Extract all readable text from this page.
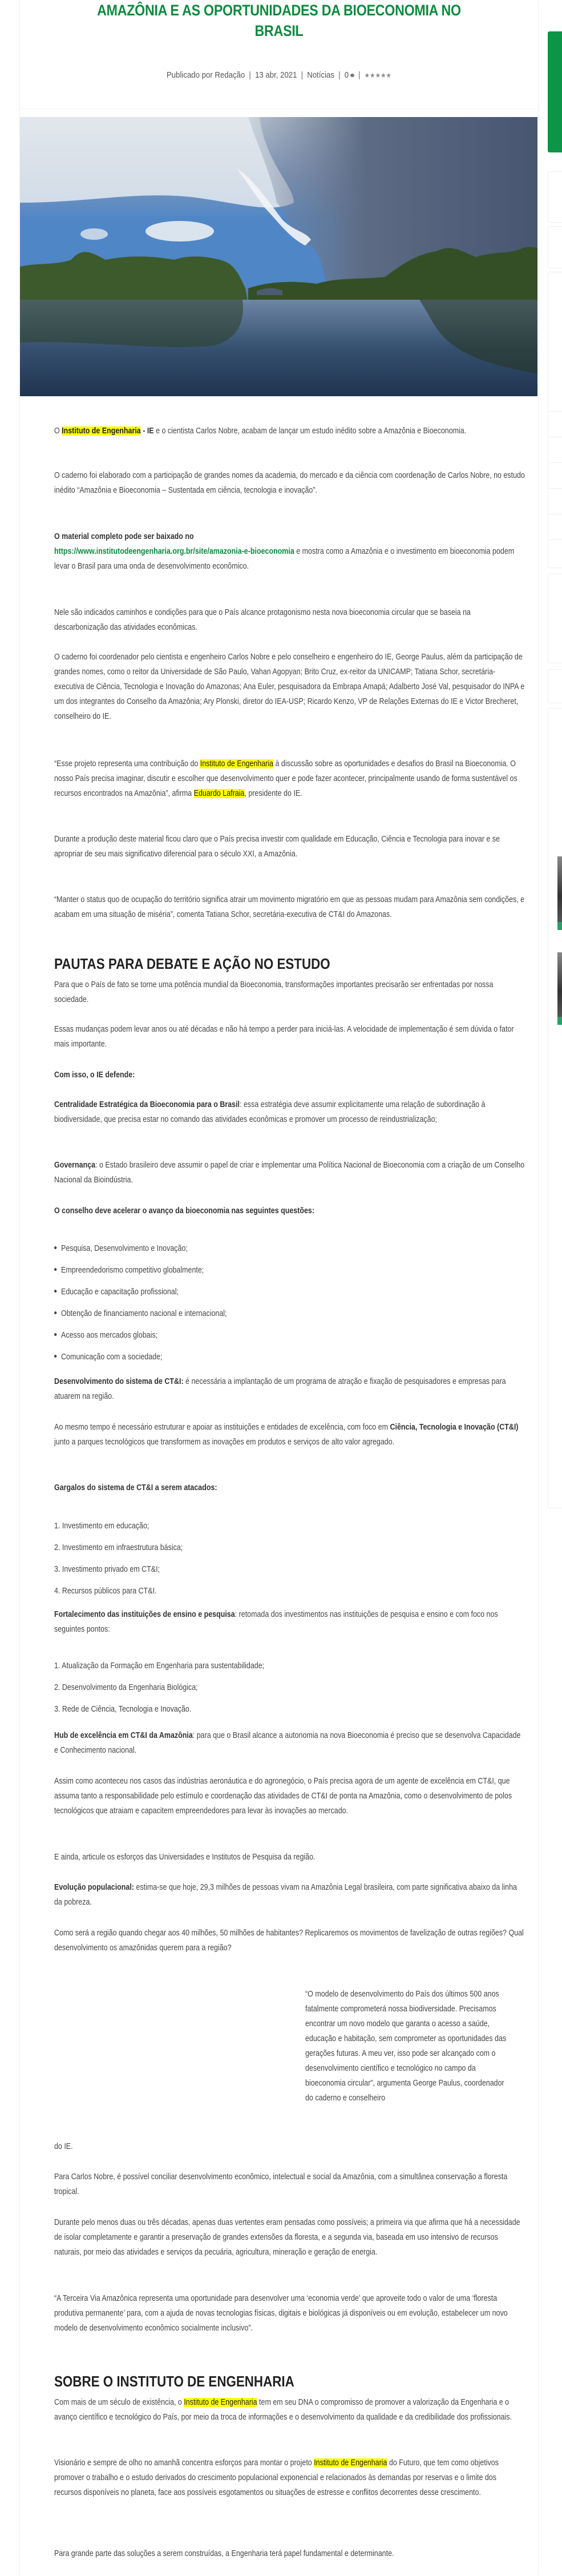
AMAZÔNIA E AS OPORTUNIDADES DA BIOECONOMIA NO
BRASIL
Publicado por Redação | 13 abr, 2021 | Notícias | 0 | ★★★★★

O Instituto de Engenharia - IE e o cientista Carlos Nobre, acabam de lançar um estudo inédito sobre a Amazônia e Bioeconomia.

O caderno foi elaborado com a participação de grandes nomes da academia, do mercado e da ciência com coordenação de Carlos Nobre, no estudo inédito “Amazônia e Bioeconomia – Sustentada em ciência, tecnologia e inovação”.

O material completo pode ser baixado no
https://www.institutodeengenharia.org.br/site/amazonia-e-bioeconomia e mostra como a Amazônia e o investimento em bioeconomia podem levar o Brasil para uma onda de desenvolvimento econômico.

Nele são indicados caminhos e condições para que o País alcance protagonismo nesta nova bioeconomia circular que se baseia na descarbonização das atividades econômicas.

O caderno foi coordenador pelo cientista e engenheiro Carlos Nobre e pelo conselheiro e engenheiro do IE, George Paulus, além da participação de grandes nomes, como o reitor da Universidade de São Paulo, Vahan Agopyan; Brito Cruz, ex-reitor da UNICAMP; Tatiana Schor, secretária-executiva de Ciência, Tecnologia e Inovação do Amazonas; Ana Euler, pesquisadora da Embrapa Amapá; Adalberto José Val, pesquisador do INPA e um dos integrantes do Conselho da Amazônia; Ary Plonski, diretor do IEA-USP; Ricardo Kenzo, VP de Relações Externas do IE e Victor Brecheret, conselheiro do IE.

“Esse projeto representa uma contribuição do Instituto de Engenharia à discussão sobre as oportunidades e desafios do Brasil na Bioeconomia. O nosso País precisa imaginar, discutir e escolher que desenvolvimento quer e pode fazer acontecer, principalmente usando de forma sustentável os recursos encontrados na Amazônia”, afirma Eduardo Lafraia, presidente do IE.

Durante a produção deste material ficou claro que o País precisa investir com qualidade em Educação, Ciência e Tecnologia para inovar e se apropriar de seu mais significativo diferencial para o século XXI, a Amazônia.

“Manter o status quo de ocupação do território significa atrair um movimento migratório em que as pessoas mudam para Amazônia sem condições, e acabam em uma situação de miséria”, comenta Tatiana Schor, secretária-executiva de CT&I do Amazonas.

PAUTAS PARA DEBATE E AÇÃO NO ESTUDO

Para que o País de fato se torne uma potência mundial da Bioeconomia, transformações importantes precisarão ser enfrentadas por nossa sociedade.

Essas mudanças podem levar anos ou até décadas e não há tempo a perder para iniciá-las. A velocidade de implementação é sem dúvida o fator mais importante.

Com isso, o IE defende:

Centralidade Estratégica da Bioeconomia para o Brasil: essa estratégia deve assumir explicitamente uma relação de subordinação à biodiversidade, que precisa estar no comando das atividades econômicas e promover um processo de reindustrialização;

Governança: o Estado brasileiro deve assumir o papel de criar e implementar uma Política Nacional de Bioeconomia com a criação de um Conselho Nacional da Bioindústria.

O conselho deve acelerar o avanço da bioeconomia nas seguintes questões:

Pesquisa, Desenvolvimento e Inovação;
Empreendedorismo competitivo globalmente;
Educação e capacitação profissional;
Obtenção de financiamento nacional e internacional;
Acesso aos mercados globais;
Comunicação com a sociedade;

Desenvolvimento do sistema de CT&I: é necessária a implantação de um programa de atração e fixação de pesquisadores e empresas para atuarem na região.

Ao mesmo tempo é necessário estruturar e apoiar as instituições e entidades de excelência, com foco em Ciência, Tecnologia e Inovação (CT&I) junto a parques tecnológicos que transformem as inovações em produtos e serviços de alto valor agregado.

Gargalos do sistema de CT&I a serem atacados:

1. Investimento em educação;
2. Investimento em infraestrutura básica;
3. Investimento privado em CT&I;
4. Recursos públicos para CT&I.

Fortalecimento das instituições de ensino e pesquisa: retomada dos investimentos nas instituições de pesquisa e ensino e com foco nos seguintes pontos:

1. Atualização da Formação em Engenharia para sustentabilidade;
2. Desenvolvimento da Engenharia Biológica;
3. Rede de Ciência, Tecnologia e Inovação.

Hub de excelência em CT&I da Amazônia: para que o Brasil alcance a autonomia na nova Bioeconomia é preciso que se desenvolva Capacidade e Conhecimento nacional.

Assim como aconteceu nos casos das indústrias aeronáutica e do agronegócio, o País precisa agora de um agente de excelência em CT&I, que assuma tanto a responsabilidade pelo estímulo e coordenação das atividades de CT&I de ponta na Amazônia, como o desenvolvimento de polos tecnológicos que atraiam e capacitem empreendedores para levar às inovações ao mercado.

E ainda, articule os esforços das Universidades e Institutos de Pesquisa da região.

Evolução populacional: estima-se que hoje, 29,3 milhões de pessoas vivam na Amazônia Legal brasileira, com parte significativa abaixo da linha da pobreza.

Como será a região quando chegar aos 40 milhões, 50 milhões de habitantes? Replicaremos os movimentos de favelização de outras regiões? Qual desenvolvimento os amazônidas querem para a região?

“O modelo de desenvolvimento do País dos últimos 500 anos fatalmente comprometerá nossa biodiversidade. Precisamos encontrar um novo modelo que garanta o acesso a saúde, educação e habitação, sem comprometer as oportunidades das gerações futuras. A meu ver, isso pode ser alcançado com o desenvolvimento científico e tecnológico no campo da bioeconomia circular”, argumenta George Paulus, coordenador do caderno e conselheiro

do IE.

Para Carlos Nobre, é possível conciliar desenvolvimento econômico, intelectual e social da Amazônia, com a simultânea conservação a floresta tropical.

Durante pelo menos duas ou três décadas, apenas duas vertentes eram pensadas como possíveis; a primeira via que afirma que há a necessidade de isolar completamente e garantir a preservação de grandes extensões da floresta, e a segunda via, baseada em uso intensivo de recursos naturais, por meio das atividades e serviços da pecuária, agricultura, mineração e geração de energia.

“A Terceira Via Amazônica representa uma oportunidade para desenvolver uma ‘economia verde’ que aproveite todo o valor de uma ‘floresta produtiva permanente’ para, com a ajuda de novas tecnologias físicas, digitais e biológicas já disponíveis ou em evolução, estabelecer um novo modelo de desenvolvimento econômico socialmente inclusivo”.

SOBRE O INSTITUTO DE ENGENHARIA

Com mais de um século de existência, o Instituto de Engenharia tem em seu DNA o compromisso de promover a valorização da Engenharia e o avanço científico e tecnológico do País, por meio da troca de informações e o desenvolvimento da qualidade e da credibilidade dos profissionais.

Visionário e sempre de olho no amanhã concentra esforços para montar o projeto Instituto de Engenharia do Futuro, que tem como objetivos promover o trabalho e o estudo derivados do crescimento populacional exponencial e relacionados às demandas por reservas e o limite dos recursos disponíveis no planeta, face aos possíveis esgotamentos ou situações de estresse e conflitos decorrentes desse crescimento.

Para grande parte das soluções a serem construídas, a Engenharia terá papel fundamental e determinante.
